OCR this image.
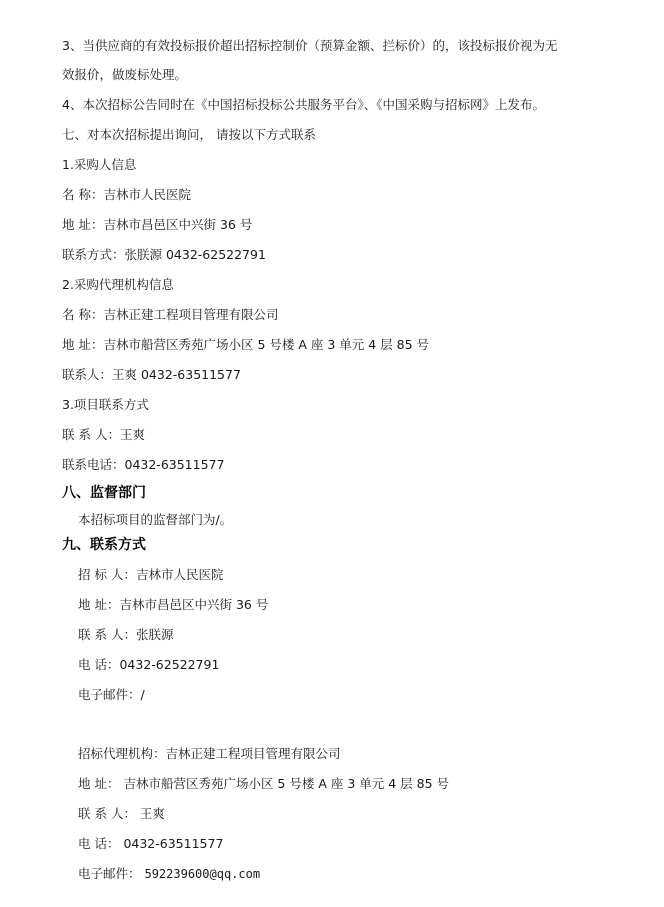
3、当供应商的有效投标报价超出招标控制价（预算金额、拦标价）的，该投标报价视为无
效报价，做废标处理。
4、本次招标公告同时在《中国招标投标公共服务平台》、《中国采购与招标网》上发布。
七、对本次招标提出询问， 请按以下方式联系
1.采购人信息
名 称：吉林市人民医院
地 址：吉林市昌邑区中兴街 36 号
联系方式：张朕源 0432-62522791
2.采购代理机构信息
名 称：吉林正建工程项目管理有限公司
地 址：吉林市船营区秀苑广场小区 5 号楼 A 座 3 单元 4 层 85 号
联系人：王爽 0432-63511577
3.项目联系方式
联 系 人：王爽
联系电话：0432-63511577
八、监督部门
本招标项目的监督部门为/。
九、联系方式
招 标 人：吉林市人民医院
地 址：吉林市昌邑区中兴街 36 号
联 系 人：张朕源
电 话：0432-62522791
电子邮件：/
招标代理机构：吉林正建工程项目管理有限公司
地 址： 吉林市船营区秀苑广场小区 5 号楼 A 座 3 单元 4 层 85 号
联 系 人： 王爽
电 话： 0432-63511577
电子邮件： 592239600@qq.com
